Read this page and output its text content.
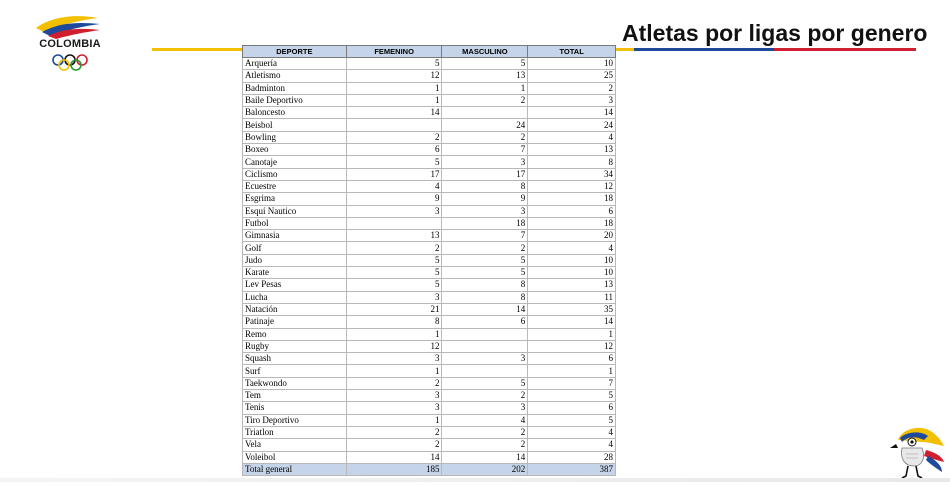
COLOMBIA	Atletas por ligas por genero
DEPORTE	FEMENINO	MASCULINO	TOTAL
Arquería	5	5	10
Atletismo	12	13	25
Badminton	1	1	2
Baile Deportivo	1	2	3
Baloncesto	14		14
Beisbol		24	24
Bowling	2	2	4
Boxeo	6	7	13
Canotaje	5	3	8
Ciclismo	17	17	34
Ecuestre	4	8	12
Esgrima	9	9	18
Esquí Nautico	3	3	6
Futbol		18	18
Gimnasia	13	7	20
Golf	2	2	4
Judo	5	5	10
Karate	5	5	10
Lev Pesas	5	8	13
Lucha	3	8	11
Natación	21	14	35
Patinaje	8	6	14
Remo	1		1
Rugby	12		12
Squash	3	3	6
Surf	1		1
Taekwondo	2	5	7
Tem	3	2	5
Tenis	3	3	6
Tiro Deportivo	1	4	5
Triatlon	2	2	4
Vela	2	2	4
Voleibol	14	14	28
Total general	185	202	387
